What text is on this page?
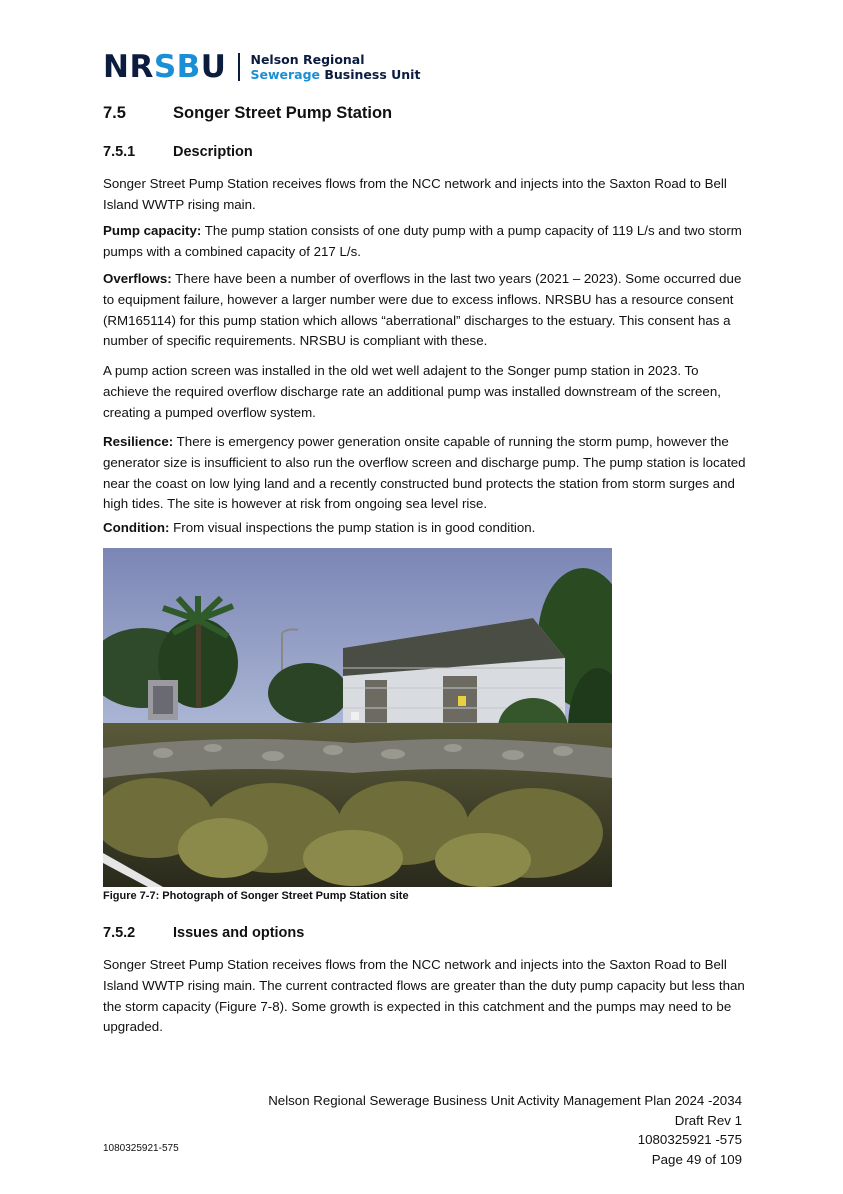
NRSBU Nelson Regional
Sewerage Business Unit
7.5	Songer Street Pump Station
7.5.1	Description

Songer Street Pump Station receives flows from the NCC network and injects into the Saxton Road to Bell Island WWTP rising main.

Pump capacity: The pump station consists of one duty pump with a pump capacity of 119 L/s and two storm pumps with a combined capacity of 217 L/s.

Overflows: There have been a number of overflows in the last two years (2021 – 2023). Some occurred due to equipment failure, however a larger number were due to excess inflows. NRSBU has a resource consent (RM165114) for this pump station which allows “aberrational” discharges to the estuary. This consent has a number of specific requirements. NRSBU is compliant with these.

A pump action screen was installed in the old wet well adajent to the Songer pump station in 2023. To achieve the required overflow discharge rate an additional pump was installed downstream of the screen, creating a pumped overflow system.

Resilience: There is emergency power generation onsite capable of running the storm pump, however the generator size is insufficient to also run the overflow screen and discharge pump. The pump station is located near the coast on low lying land and a recently constructed bund protects the station from storm surges and high tides. The site is however at risk from ongoing sea level rise.

Condition: From visual inspections the pump station is in good condition.

Figure 7-7: Photograph of Songer Street Pump Station site
7.5.2	Issues and options

Songer Street Pump Station receives flows from the NCC network and injects into the Saxton Road to Bell Island WWTP rising main. The current contracted flows are greater than the duty pump capacity but less than the storm capacity (Figure 7-8). Some growth is expected in this catchment and the pumps may need to be upgraded.

Nelson Regional Sewerage Business Unit Activity Management Plan 2024 -2034
Draft Rev 1
1080325921 -575
Page 49 of 109
1080325921-575
